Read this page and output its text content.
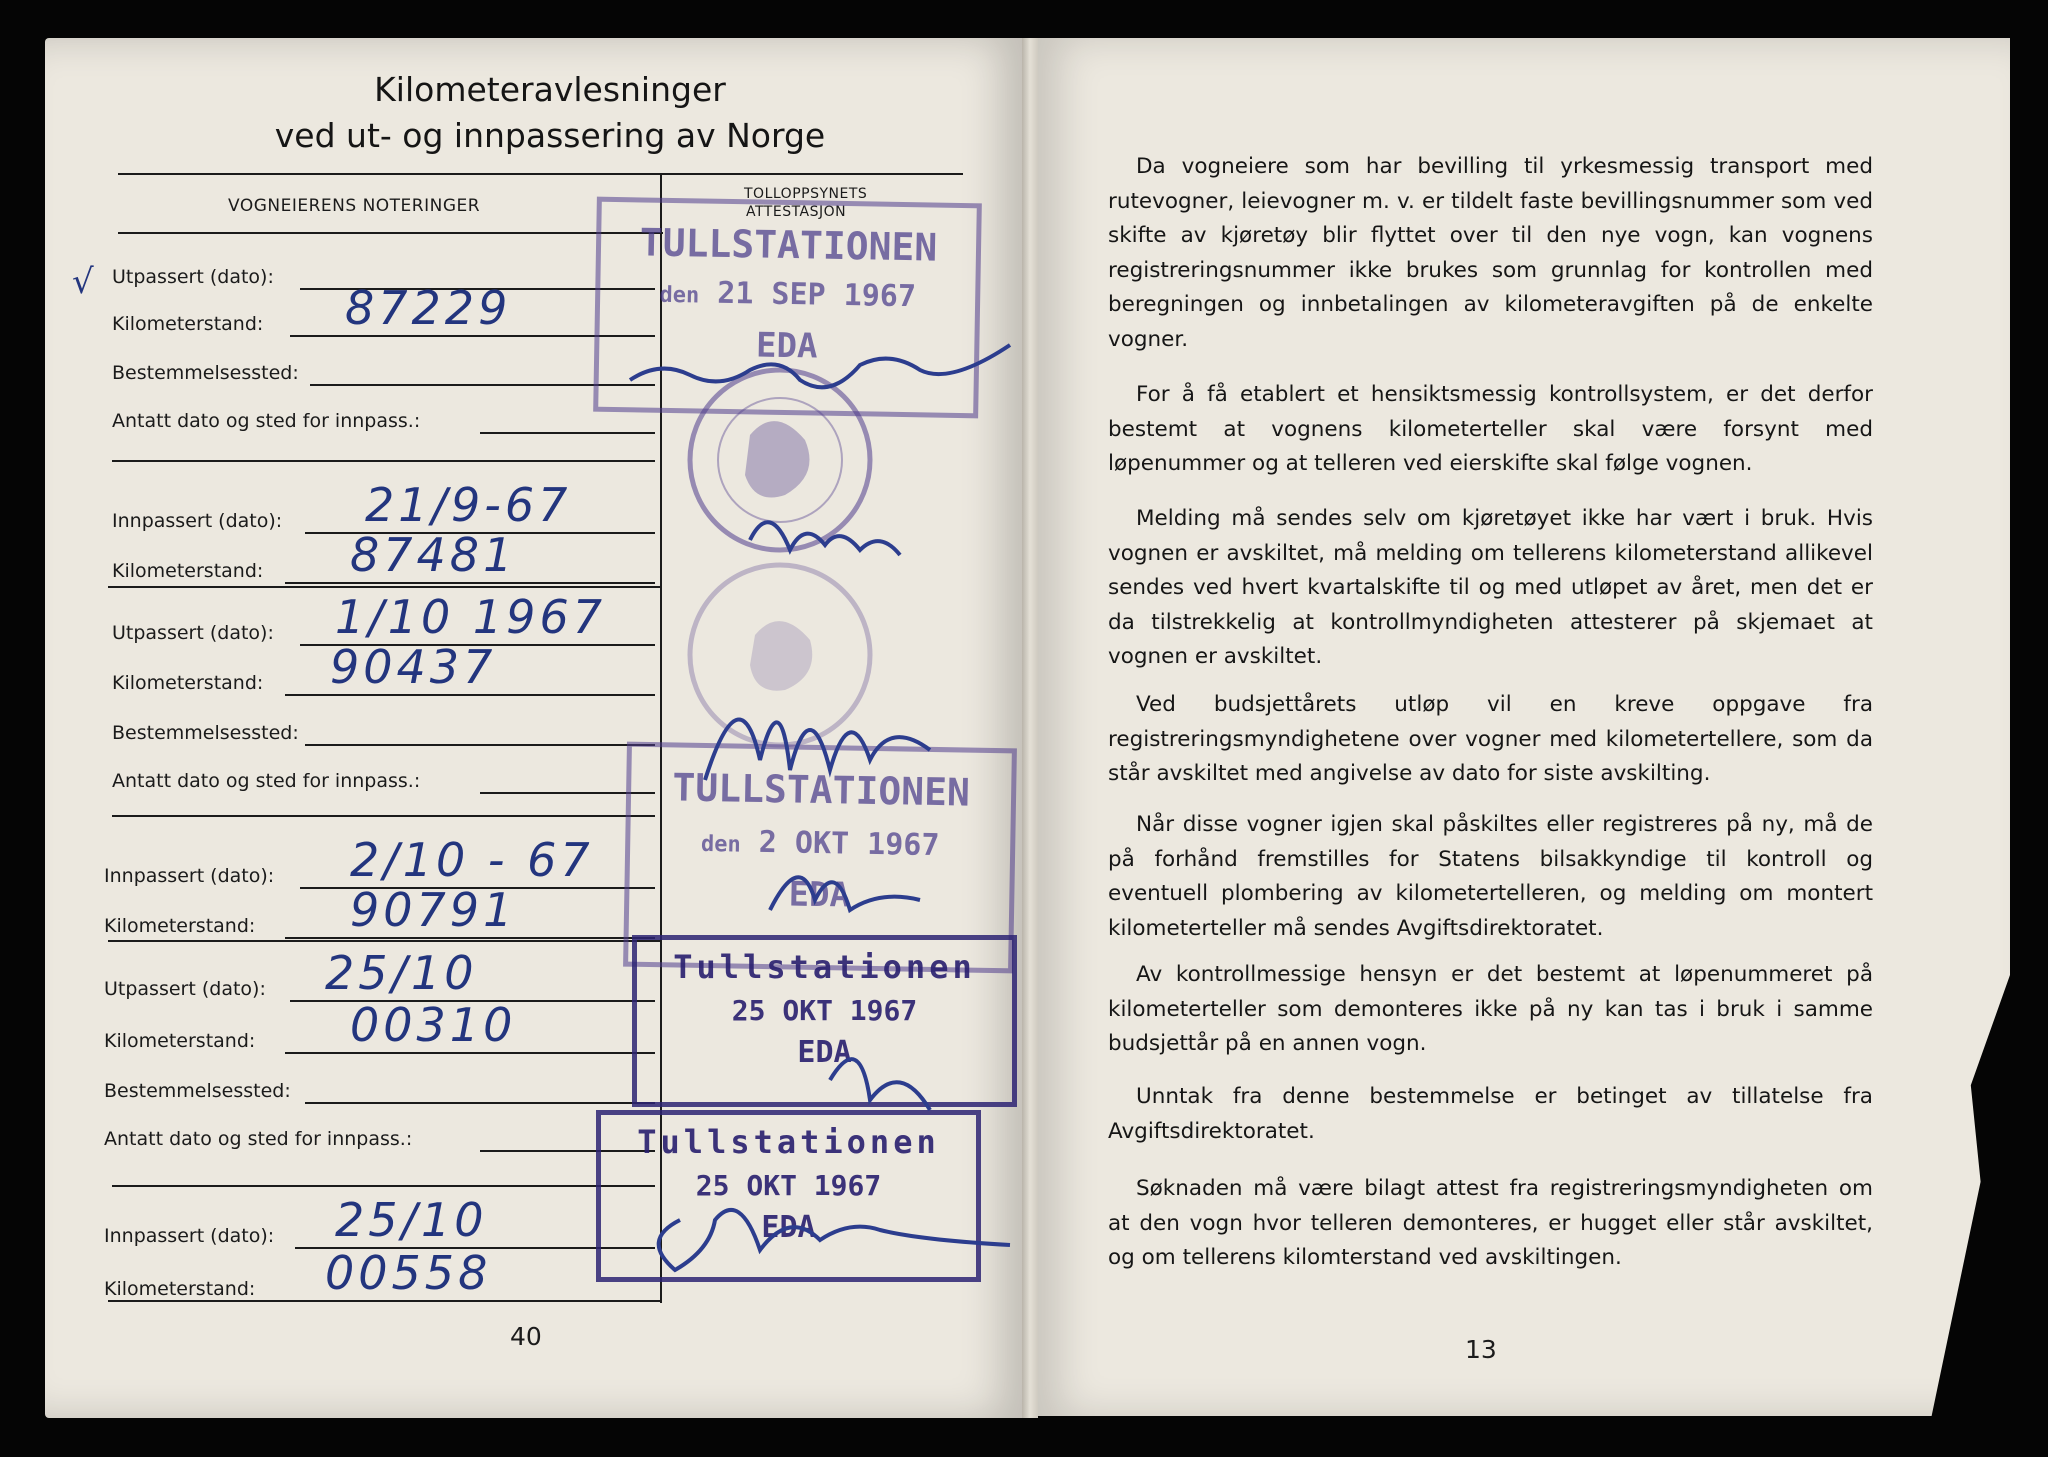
Kilometeravlesninger
ved ut- og innpassering av Norge
VOGNEIERENS NOTERINGER
TOLLOPPSYNETS
ATTESTASJON
√ Utpassert (dato):
Kilometerstand: 87229
Bestemmelsessted:
Antatt dato og sted for innpass.:
Innpassert (dato): 21/9-67
Kilometerstand: 87481
Utpassert (dato): 1/10 1967
Kilometerstand: 90437
Bestemmelsessted:
Antatt dato og sted for innpass.:
Innpassert (dato): 2/10 - 67
Kilometerstand: 90791
Utpassert (dato): 25/10
Kilometerstand: 00310
Bestemmelsessted:
Antatt dato og sted for innpass.:
Innpassert (dato): 25/10
Kilometerstand: 00558
40
TULLSTATIONEN
den 21 SEP 1967
EDA
TULLSTATIONEN
den 2 OKT 1967
EDA
Tullstationen
25 OKT 1967
EDA
Tullstationen
25 OKT 1967
EDA
Da vogneiere som har bevilling til yrkesmessig transport med rutevogner, leievogner m. v. er tildelt faste bevillingsnummer som ved skifte av kjøretøy blir flyttet over til den nye vogn, kan vognens registreringsnummer ikke brukes som grunnlag for kontrollen med beregningen og innbetalingen av kilometeravgiften på de enkelte vogner.
For å få etablert et hensiktsmessig kontrollsystem, er det derfor bestemt at vognens kilometerteller skal være forsynt med løpenummer og at telleren ved eierskifte skal følge vognen.
Melding må sendes selv om kjøretøyet ikke har vært i bruk. Hvis vognen er avskiltet, må melding om tellerens kilometerstand allikevel sendes ved hvert kvartalskifte til og med utløpet av året, men det er da tilstrekkelig at kontrollmyndigheten attesterer på skjemaet at vognen er avskiltet.
Ved budsjettårets utløp vil en kreve oppgave fra registreringsmyndighetene over vogner med kilometertellere, som da står avskiltet med angivelse av dato for siste avskilting.
Når disse vogner igjen skal påskiltes eller registreres på ny, må de på forhånd fremstilles for Statens bilsakkyndige til kontroll og eventuell plombering av kilometertelleren, og melding om montert kilometerteller må sendes Avgiftsdirektoratet.
Av kontrollmessige hensyn er det bestemt at løpenummeret på kilometerteller som demonteres ikke på ny kan tas i bruk i samme budsjettår på en annen vogn.
Unntak fra denne bestemmelse er betinget av tillatelse fra Avgiftsdirektoratet.
Søknaden må være bilagt attest fra registreringsmyndigheten om at den vogn hvor telleren demonteres, er hugget eller står avskiltet, og om tellerens kilomterstand ved avskiltingen.
13
